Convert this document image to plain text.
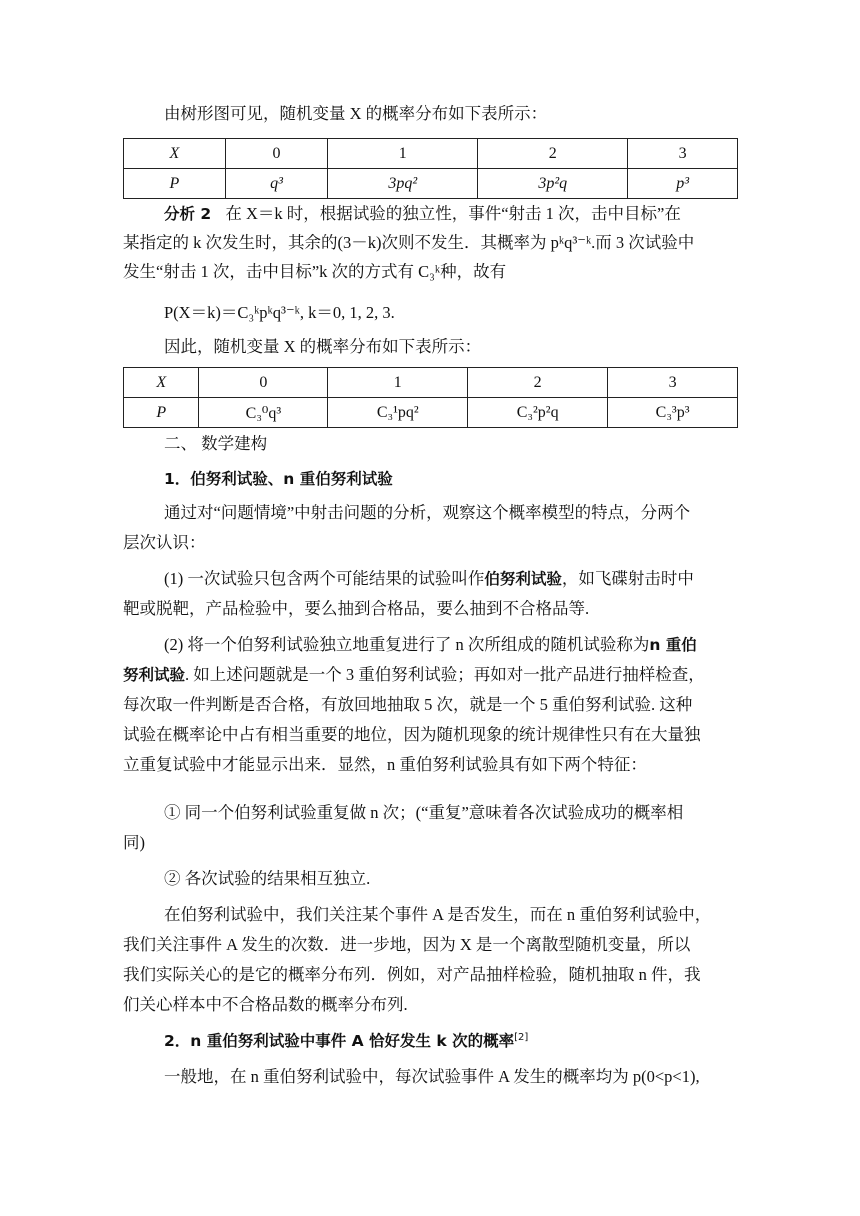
由树形图可见，随机变量 X 的概率分布如下表所示：
X	0	1	2	3
P	q³	3pq²	3p²q	p³
分析 2 在 X＝k 时，根据试验的独立性，事件“射击 1 次，击中目标”在
某指定的 k 次发生时，其余的(3－k)次则不发生．其概率为 pᵏq³⁻ᵏ.而 3 次试验中
发生“射击 1 次，击中目标”k 次的方式有 C₃ᵏ种，故有
P(X＝k)＝C₃ᵏpᵏq³⁻ᵏ, k＝0, 1, 2, 3.
因此，随机变量 X 的概率分布如下表所示：
X	0	1	2	3
P	C₃⁰q³	C₃¹pq²	C₃²p²q	C₃³p³
二、 数学建构
1．伯努利试验、n 重伯努利试验
通过对“问题情境”中射击问题的分析，观察这个概率模型的特点，分两个
层次认识：
(1) 一次试验只包含两个可能结果的试验叫作伯努利试验，如飞碟射击时中
靶或脱靶，产品检验中，要么抽到合格品，要么抽到不合格品等.
(2) 将一个伯努利试验独立地重复进行了 n 次所组成的随机试验称为n 重伯
努利试验. 如上述问题就是一个 3 重伯努利试验；再如对一批产品进行抽样检查，
每次取一件判断是否合格，有放回地抽取 5 次，就是一个 5 重伯努利试验. 这种
试验在概率论中占有相当重要的地位，因为随机现象的统计规律性只有在大量独
立重复试验中才能显示出来．显然，n 重伯努利试验具有如下两个特征：
① 同一个伯努利试验重复做 n 次；(“重复”意味着各次试验成功的概率相
同)
② 各次试验的结果相互独立.
在伯努利试验中，我们关注某个事件 A 是否发生，而在 n 重伯努利试验中，
我们关注事件 A 发生的次数．进一步地，因为 X 是一个离散型随机变量，所以
我们实际关心的是它的概率分布列．例如，对产品抽样检验，随机抽取 n 件，我
们关心样本中不合格品数的概率分布列.
2．n 重伯努利试验中事件 A 恰好发生 k 次的概率[2]
一般地，在 n 重伯努利试验中，每次试验事件 A 发生的概率均为 p(0<p<1),
